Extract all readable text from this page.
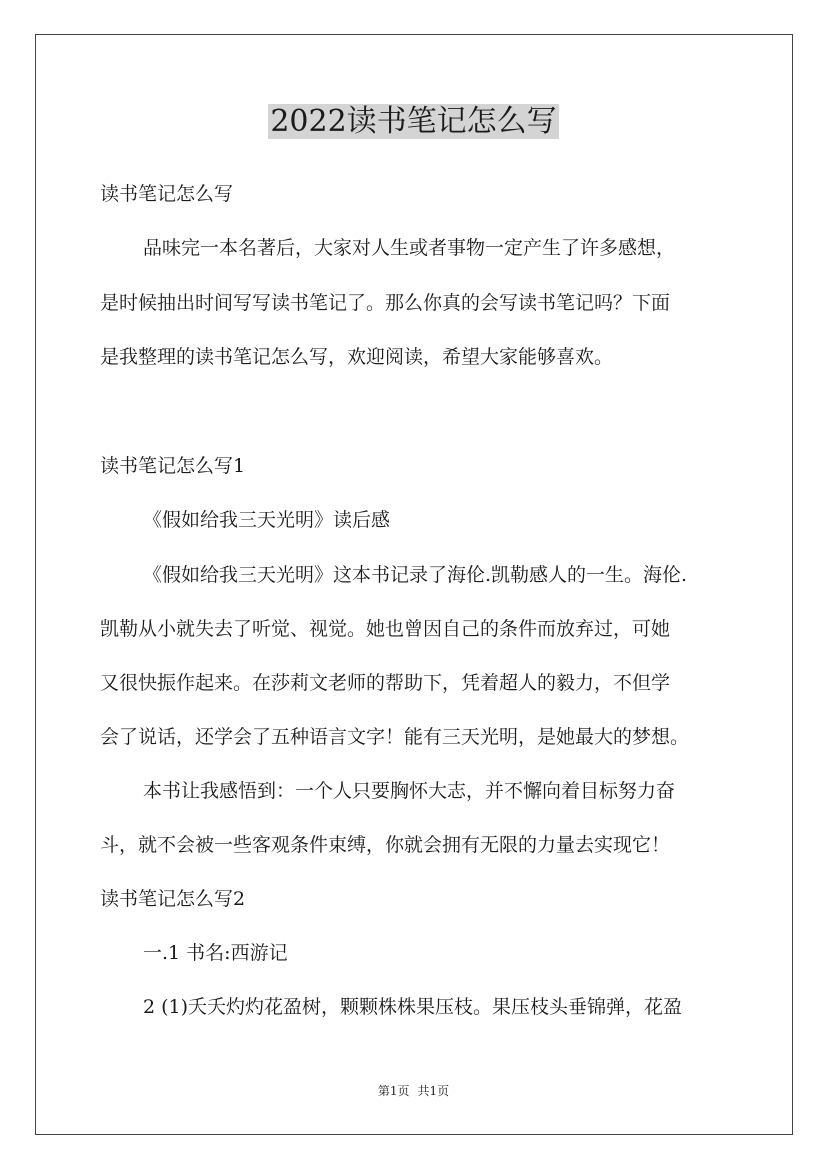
2022读书笔记怎么写
读书笔记怎么写
品味完一本名著后，大家对人生或者事物一定产生了许多感想，
是时候抽出时间写写读书笔记了。那么你真的会写读书笔记吗？下面
是我整理的读书笔记怎么写，欢迎阅读，希望大家能够喜欢。
读书笔记怎么写1
《假如给我三天光明》读后感
《假如给我三天光明》这本书记录了海伦.凯勒感人的一生。海伦.
凯勒从小就失去了听觉、视觉。她也曾因自己的条件而放弃过，可她
又很快振作起来。在莎莉文老师的帮助下，凭着超人的毅力，不但学
会了说话，还学会了五种语言文字！能有三天光明，是她最大的梦想。
本书让我感悟到：一个人只要胸怀大志，并不懈向着目标努力奋
斗，就不会被一些客观条件束缚，你就会拥有无限的力量去实现它！
读书笔记怎么写2
一.1 书名:西游记
2 (1)夭夭灼灼花盈树，颗颗株株果压枝。果压枝头垂锦弹，花盈
第1页 共1页
